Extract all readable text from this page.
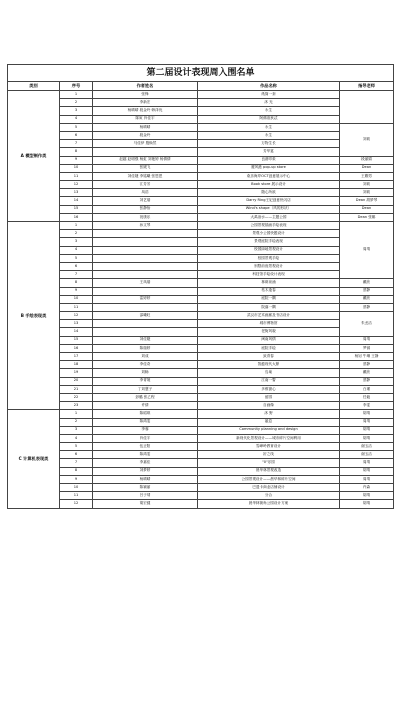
第二届设计表现周入围名单				
类别	序号	作者姓名	作品名称	指导老师
A 模型制作类	1	张锋	纸筒一套	
	2	李新宏	沐 光	
	3	杨晴晴 段金玲 韩泽优	永生	
	4	陈寅 肖佳宇	阿佛洛狄忒	
	5	杨晴晴	永生	刘莉
	6	段金玲	永生	
	7	马佳伊 殷焕然	万物生长	
	8		芳华宴	
	9	赵越 赵明强 杨虹 刘艳婷 杨倩倩	良渚印象	段丽娟
	10	张媛飞	避风港 pop-up store	Dean
	11	刘佳婕 李铭曦 张恩恩	欢乐海岸OCT创意展示中心	王殿男
	12	江芳芳	Book store 展示设计	刘莉
	13	凤浩	随心所欲	刘莉
	14	刘艺瑞	Darry Ring王妃创意快闪店	Dean 胡梦琴
	15	张静怡	Wind's shape（风的形状）	Dean
	16	祝康乐	大禹治水——主题公园	Dean 张娜
B 手绘表现类	1	孙文琴	公园景观插画手绘表现	周靖
	2		景观小公园快题设计	
	3		景观庭院手绘表现	
	4		校园绿地景观设计	
	5		校园景观手绘	
	6		别墅前庭景观设计	
	7		科技馆手绘设计表现	
	8	王凤瑞	林荫泉涌	戴欣
	9		枯木逢春	蔡静
	10	雷婷婷	庭院一隅	戴欣
	11		院落一隅	蔡静
	12	邵曦旺	武汉市艺术画廊及书店设计	朱丢洁
	13		城市博物馆	
	14		老街风貌	
	15	刘佳婕	闽南风情	周靖
	16	陈瑞婷	庭院手绘	罗铖
	17	刘成	致青春	杨钊 牛琳 王静
	18	李佳奇	智蕴现代大厦	蔡静
	19	刘畅	岛巢	戴欣
	20	李青境	江南一瞥	蔡静
	21	丁刘慧子	多维窗心	白瑾
	22	彭璐 张乙程	留园	任毅
	23	许倩	自画像	李雯
C 计算机表现类	1	陈昭琪	沐 野	胡靖
	2	陈鸿雯	悬息	周靖
	3	李蓉	Community planning and design	胡靖
	4	肖佳宇	新现代化景观设计——城市碎片空间利用	胡靖
	5	伍正阳	雪峰岭教育设计	谢玉洁
	6	陈鸿雯	折之线	谢玉洁
	7	李嘉佳	"0"乐园	周靖
	8	刘梦婷	晨华林景观改造	胡靖
	9	杨晴晴	公园景观设计——晨华林碎片空间	周靖
	10	陈颖丽	巴遗卡商业店铺设计	许森
	11	吕子靖	分合	胡靖
	12	胡宏健	晨华林街角公园设计方案	胡靖
